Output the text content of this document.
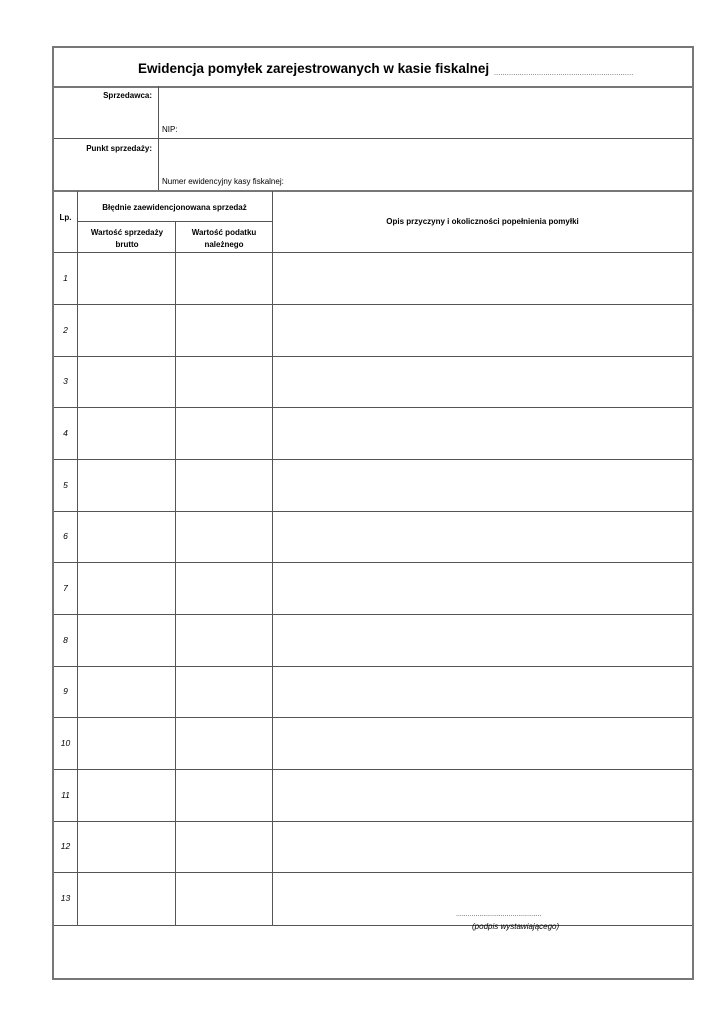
Ewidencja pomyłek zarejestrowanych w kasie fiskalnej .................................................................
Sprzedawca:
NIP:
Punkt sprzedaży:
Numer ewidencyjny kasy fiskalnej:
Lp.
Błędnie zaewidencjonowana sprzedaż
Wartość sprzedaży brutto
Wartość podatku należnego
Opis przyczyny i okoliczności popełnienia pomyłki
1
2
3
4
5
6
7
8
9
10
11
12
13
............................................
(podpis wystawiającego)
